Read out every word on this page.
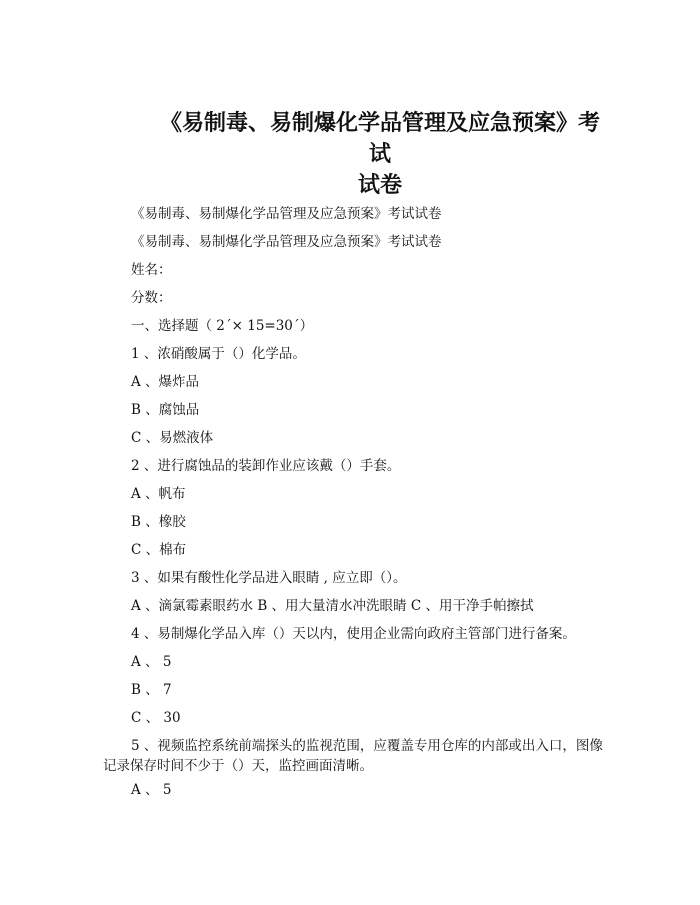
《易制毒、易制爆化学品管理及应急预案》考试
试卷
《易制毒、易制爆化学品管理及应急预案》考试试卷
《易制毒、易制爆化学品管理及应急预案》考试试卷
姓名：
分数：
一、选择题（ 2´× 15=30´）
1 、浓硝酸属于（）化学品。
A 、爆炸品
B 、腐蚀品
C 、易燃液体
2 、进行腐蚀品的装卸作业应该戴（）手套。
A 、帆布
B 、橡胶
C 、棉布
3 、如果有酸性化学品进入眼睛 , 应立即（）。
A 、滴氯霉素眼药水 B 、用大量清水冲洗眼睛 C 、用干净手帕擦拭
4 、易制爆化学品入库（）天以内，使用企业需向政府主管部门进行备案。
A 、 5
B 、 7
C 、 30
5 、视频监控系统前端探头的监视范围，应覆盖专用仓库的内部或出入口，图像记录保存时间不少于（）天，监控画面清晰。
A 、 5
